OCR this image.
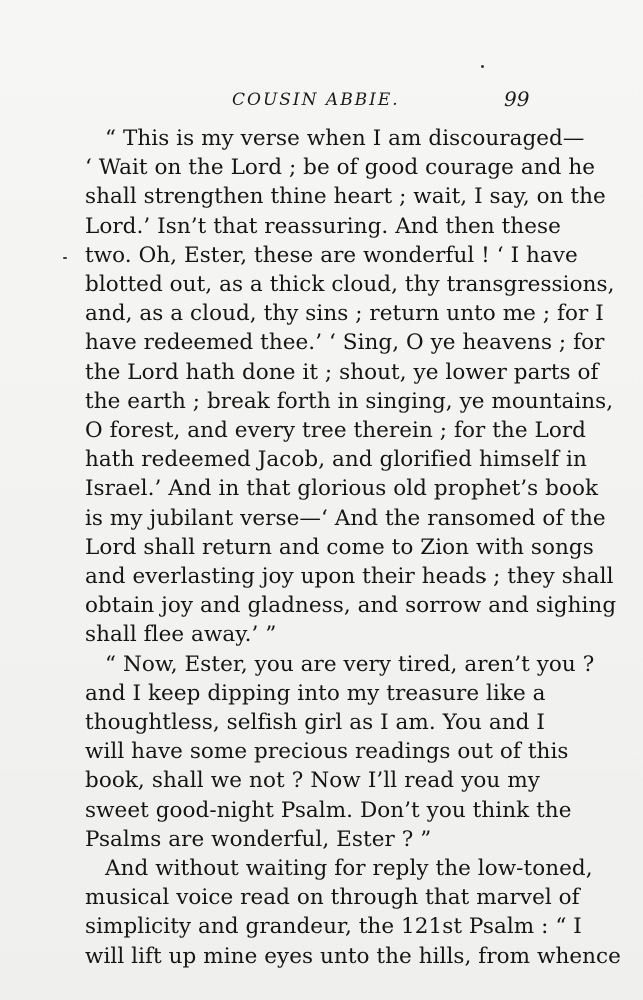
COUSIN ABBIE.	99
“ This is my verse when I am discouraged—
‘ Wait on the Lord ; be of good courage and he
shall strengthen thine heart ; wait, I say, on the
Lord.’ Isn’t that reassuring. And then these
two. Oh, Ester, these are wonderful ! ‘ I have
blotted out, as a thick cloud, thy transgressions,
and, as a cloud, thy sins ; return unto me ; for I
have redeemed thee.’ ‘ Sing, O ye heavens ; for
the Lord hath done it ; shout, ye lower parts of
the earth ; break forth in singing, ye mountains,
O forest, and every tree therein ; for the Lord
hath redeemed Jacob, and glorified himself in
Israel.’ And in that glorious old prophet’s book
is my jubilant verse—‘ And the ransomed of the
Lord shall return and come to Zion with songs
and everlasting joy upon their heads ; they shall
obtain joy and gladness, and sorrow and sighing
shall flee away.’ ”
“ Now, Ester, you are very tired, aren’t you ?
and I keep dipping into my treasure like a
thoughtless, selfish girl as I am. You and I
will have some precious readings out of this
book, shall we not ? Now I’ll read you my
sweet good-night Psalm. Don’t you think the
Psalms are wonderful, Ester ? ”
And without waiting for reply the low-toned,
musical voice read on through that marvel of
simplicity and grandeur, the 121st Psalm : “ I
will lift up mine eyes unto the hills, from whence
